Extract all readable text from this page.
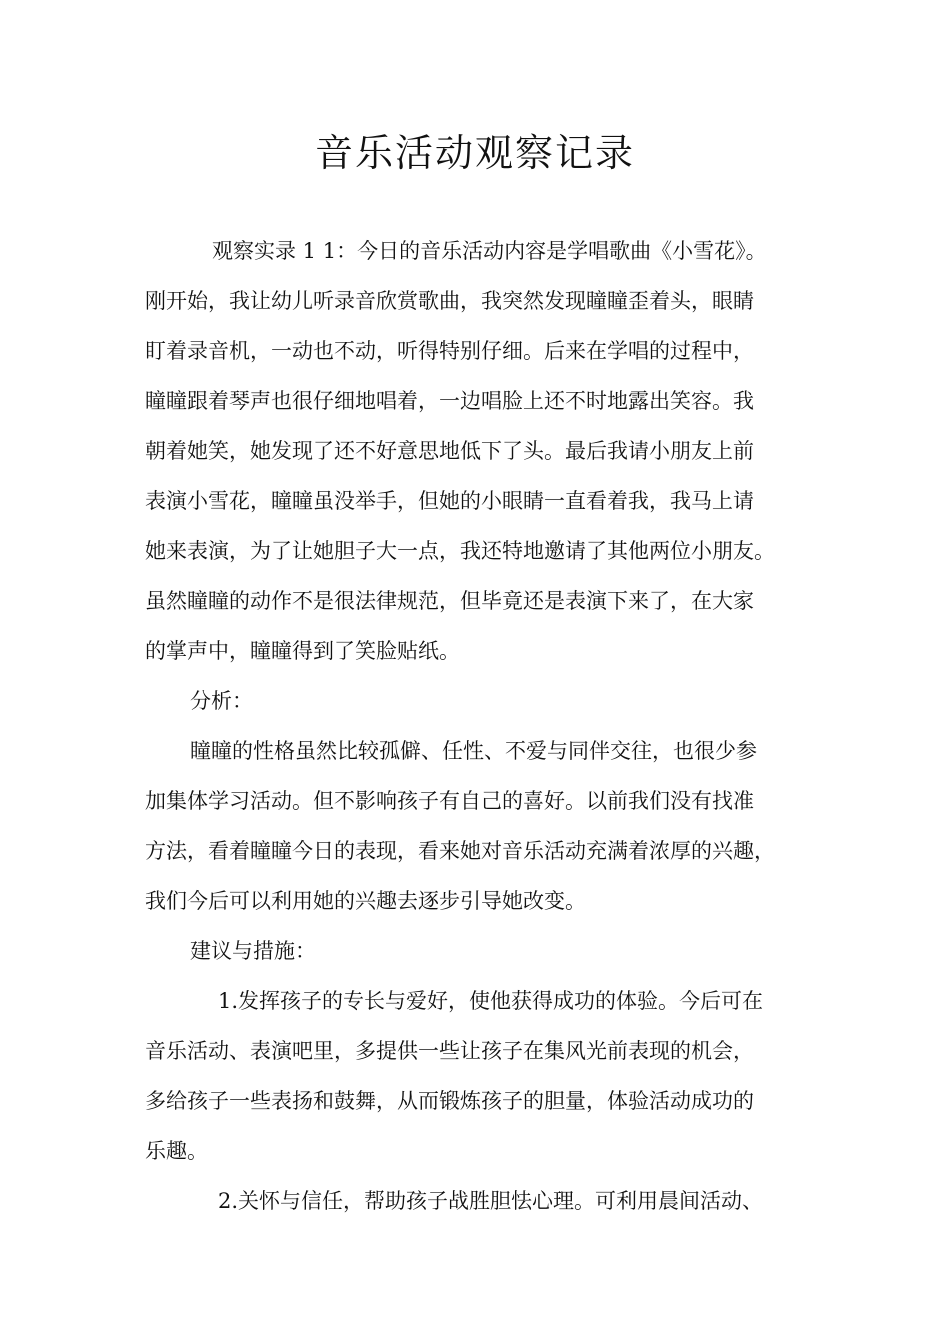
音乐活动观察记录
观察实录 1 1：今日的音乐活动内容是学唱歌曲《小雪花》。
刚开始，我让幼儿听录音欣赏歌曲，我突然发现瞳瞳歪着头，眼睛
盯着录音机，一动也不动，听得特别仔细。后来在学唱的过程中，
瞳瞳跟着琴声也很仔细地唱着，一边唱脸上还不时地露出笑容。我
朝着她笑，她发现了还不好意思地低下了头。最后我请小朋友上前
表演小雪花，瞳瞳虽没举手，但她的小眼睛一直看着我，我马上请
她来表演，为了让她胆子大一点，我还特地邀请了其他两位小朋友。
虽然瞳瞳的动作不是很法律规范，但毕竟还是表演下来了，在大家
的掌声中，瞳瞳得到了笑脸贴纸。
分析：
瞳瞳的性格虽然比较孤僻、任性、不爱与同伴交往，也很少参
加集体学习活动。但不影响孩子有自己的喜好。以前我们没有找准
方法，看着瞳瞳今日的表现，看来她对音乐活动充满着浓厚的兴趣，
我们今后可以利用她的兴趣去逐步引导她改变。
建议与措施：
1.发挥孩子的专长与爱好，使他获得成功的体验。今后可在
音乐活动、表演吧里，多提供一些让孩子在集风光前表现的机会，
多给孩子一些表扬和鼓舞，从而锻炼孩子的胆量，体验活动成功的
乐趣。
2.关怀与信任，帮助孩子战胜胆怯心理。可利用晨间活动、
